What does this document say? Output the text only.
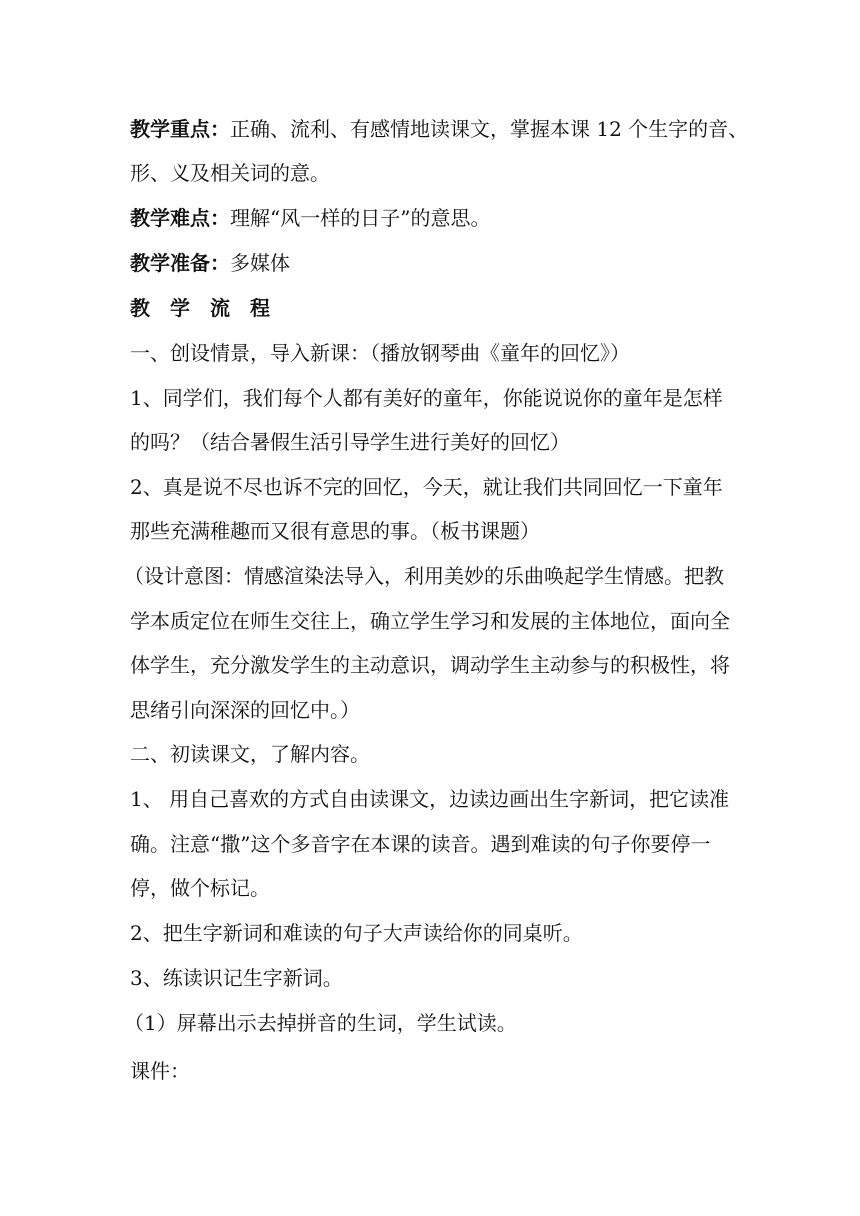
教学重点：正确、流利、有感情地读课文，掌握本课 12 个生字的音、
形、义及相关词的意。
教学难点：理解“风一样的日子”的意思。
教学准备：多媒体
教学流程
一、创设情景，导入新课：（播放钢琴曲《童年的回忆》）
1、同学们，我们每个人都有美好的童年，你能说说你的童年是怎样
的吗？（结合暑假生活引导学生进行美好的回忆）
2、真是说不尽也诉不完的回忆，今天，就让我们共同回忆一下童年
那些充满稚趣而又很有意思的事。（板书课题）
（设计意图：情感渲染法导入，利用美妙的乐曲唤起学生情感。把教
学本质定位在师生交往上，确立学生学习和发展的主体地位，面向全
体学生，充分激发学生的主动意识，调动学生主动参与的积极性，将
思绪引向深深的回忆中。）
二、初读课文，了解内容。
1、 用自己喜欢的方式自由读课文，边读边画出生字新词，把它读准
确。注意“撒”这个多音字在本课的读音。遇到难读的句子你要停一
停，做个标记。
2、把生字新词和难读的句子大声读给你的同桌听。
3、练读识记生字新词。
（1）屏幕出示去掉拼音的生词，学生试读。
课件：
